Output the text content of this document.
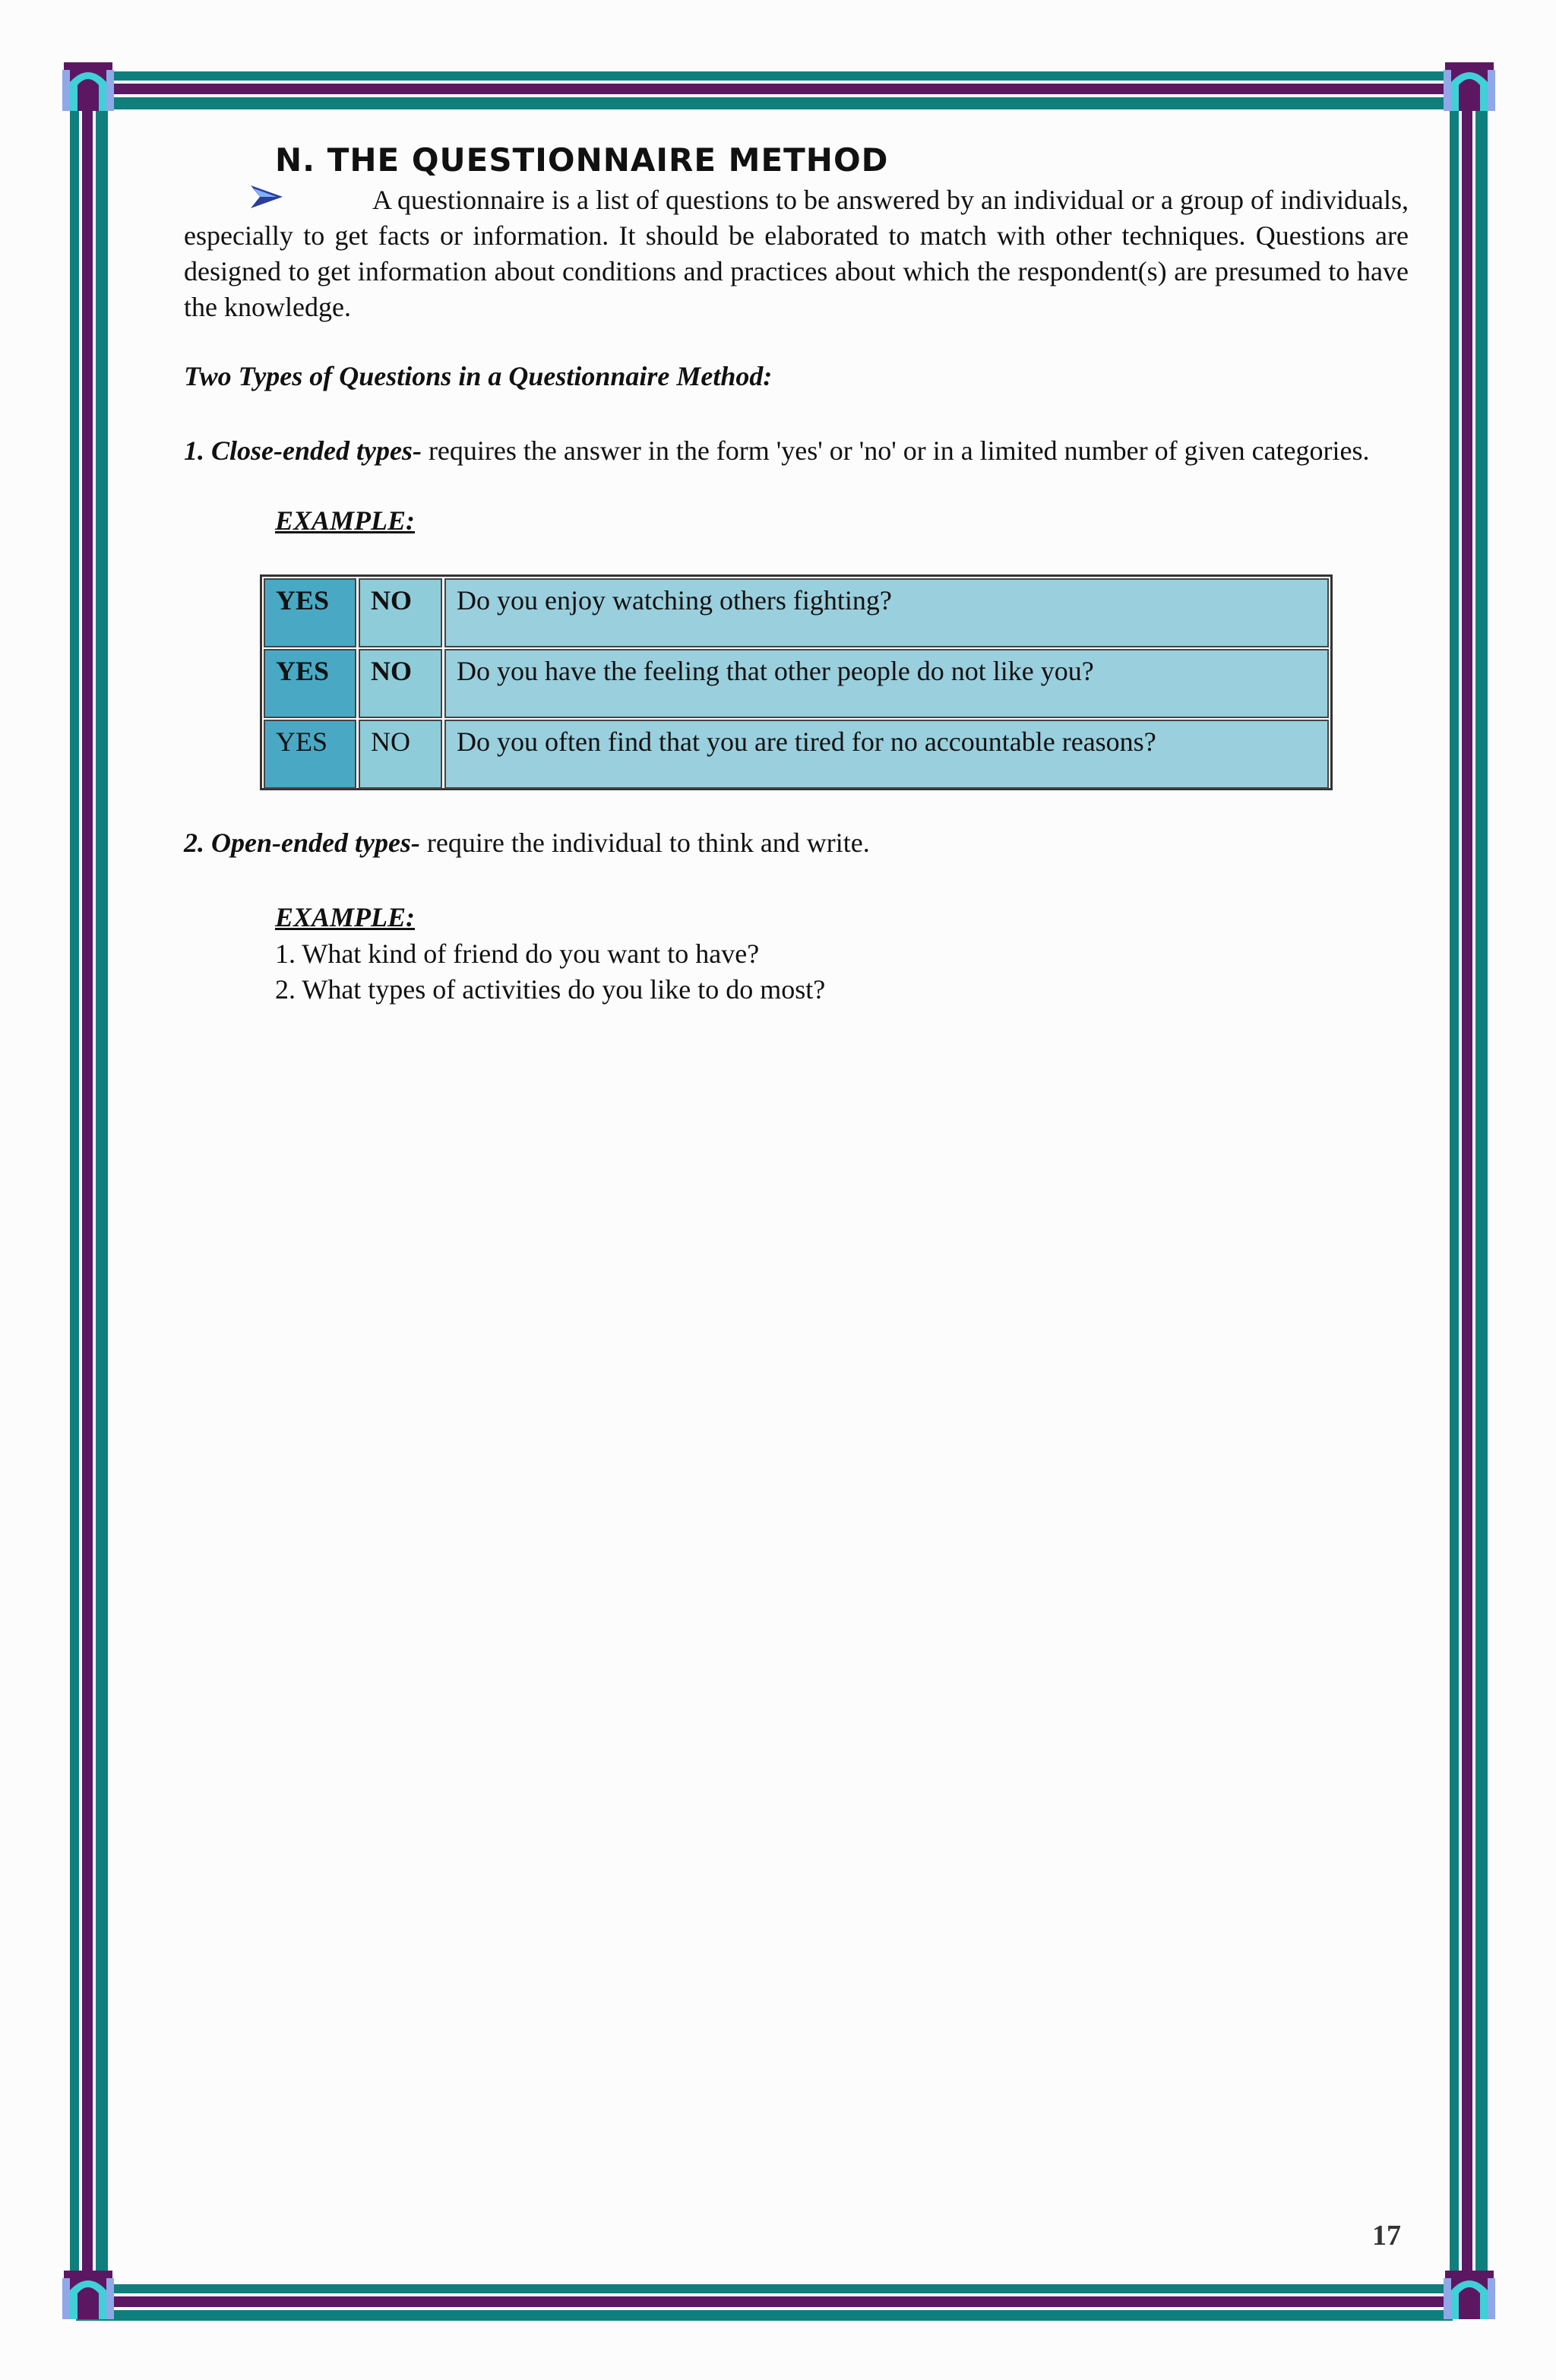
N. THE QUESTIONNAIRE METHOD
A questionnaire is a list of questions to be answered by an individual or a group of individuals, especially to get facts or information. It should be elaborated to match with other techniques. Questions are designed to get information about conditions and practices about which the respondent(s) are presumed to have the knowledge.
Two Types of Questions in a Questionnaire Method:
1. Close-ended types- requires the answer in the form 'yes' or 'no' or in a limited number of given categories.
EXAMPLE:
YES	NO	Do you enjoy watching others fighting?
YES	NO	Do you have the feeling that other people do not like you?
YES	NO	Do you often find that you are tired for no accountable reasons?
2. Open-ended types- require the individual to think and write.
EXAMPLE:
1. What kind of friend do you want to have?
2. What types of activities do you like to do most?
17
